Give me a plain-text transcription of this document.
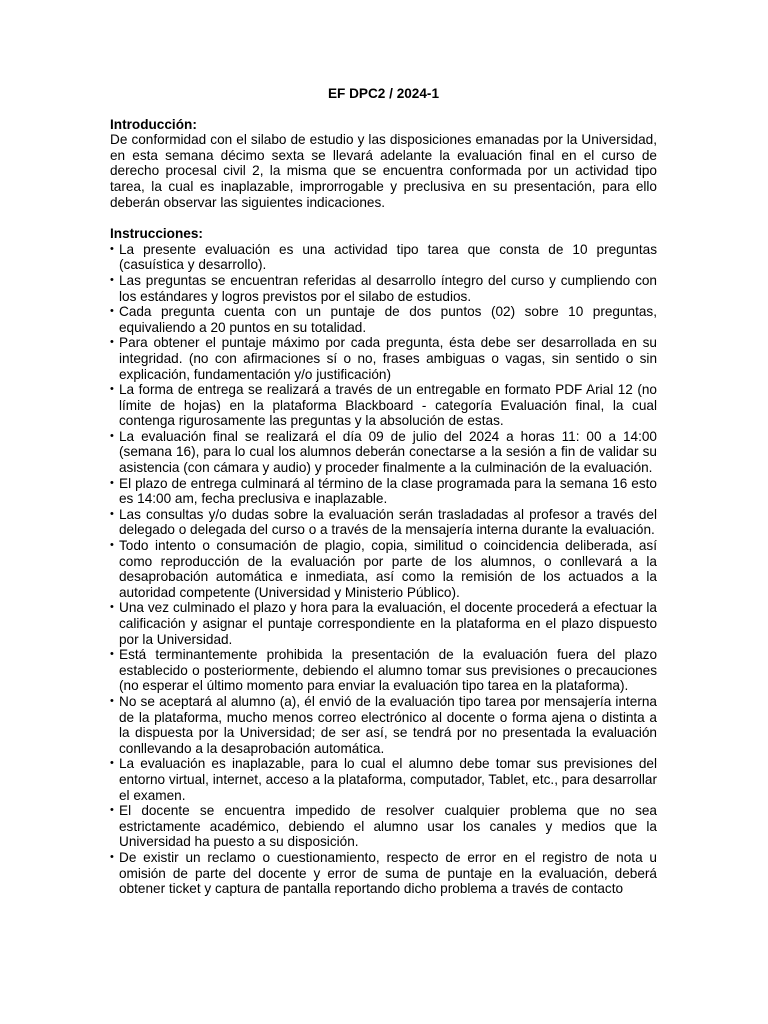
EF DPC2 / 2024-1
Introducción:

De conformidad con el silabo de estudio y las disposiciones emanadas por la Universidad, en esta semana décimo sexta se llevará adelante la evaluación final en el curso de derecho procesal civil 2, la misma que se encuentra conformada por un actividad tipo tarea, la cual es inaplazable, improrrogable y preclusiva en su presentación, para ello deberán observar las siguientes indicaciones.

Instrucciones:
• La presente evaluación es una actividad tipo tarea que consta de 10 preguntas (casuística y desarrollo).
• Las preguntas se encuentran referidas al desarrollo íntegro del curso y cumpliendo con los estándares y logros previstos por el silabo de estudios.
• Cada pregunta cuenta con un puntaje de dos puntos (02) sobre 10 preguntas, equivaliendo a 20 puntos en su totalidad.
• Para obtener el puntaje máximo por cada pregunta, ésta debe ser desarrollada en su integridad. (no con afirmaciones sí o no, frases ambiguas o vagas, sin sentido o sin explicación, fundamentación y/o justificación)
• La forma de entrega se realizará a través de un entregable en formato PDF Arial 12 (no límite de hojas) en la plataforma Blackboard - categoría Evaluación final, la cual contenga rigurosamente las preguntas y la absolución de estas.
• La evaluación final se realizará el día 09 de julio del 2024 a horas 11: 00 a 14:00 (semana 16), para lo cual los alumnos deberán conectarse a la sesión a fin de validar su asistencia (con cámara y audio) y proceder finalmente a la culminación de la evaluación.
• El plazo de entrega culminará al término de la clase programada para la semana 16 esto es 14:00 am, fecha preclusiva e inaplazable.
• Las consultas y/o dudas sobre la evaluación serán trasladadas al profesor a través del delegado o delegada del curso o a través de la mensajería interna durante la evaluación.
• Todo intento o consumación de plagio, copia, similitud o coincidencia deliberada, así como reproducción de la evaluación por parte de los alumnos, o conllevará a la desaprobación automática e inmediata, así como la remisión de los actuados a la autoridad competente (Universidad y Ministerio Público).
• Una vez culminado el plazo y hora para la evaluación, el docente procederá a efectuar la calificación y asignar el puntaje correspondiente en la plataforma en el plazo dispuesto por la Universidad.
• Está terminantemente prohibida la presentación de la evaluación fuera del plazo establecido o posteriormente, debiendo el alumno tomar sus previsiones o precauciones (no esperar el último momento para enviar la evaluación tipo tarea en la plataforma).
• No se aceptará al alumno (a), él envió de la evaluación tipo tarea por mensajería interna de la plataforma, mucho menos correo electrónico al docente o forma ajena o distinta a la dispuesta por la Universidad; de ser así, se tendrá por no presentada la evaluación conllevando a la desaprobación automática.
• La evaluación es inaplazable, para lo cual el alumno debe tomar sus previsiones del entorno virtual, internet, acceso a la plataforma, computador, Tablet, etc., para desarrollar el examen.
• El docente se encuentra impedido de resolver cualquier problema que no sea estrictamente académico, debiendo el alumno usar los canales y medios que la Universidad ha puesto a su disposición.
• De existir un reclamo o cuestionamiento, respecto de error en el registro de nota u omisión de parte del docente y error de suma de puntaje en la evaluación, deberá obtener ticket y captura de pantalla reportando dicho problema a través de contacto
